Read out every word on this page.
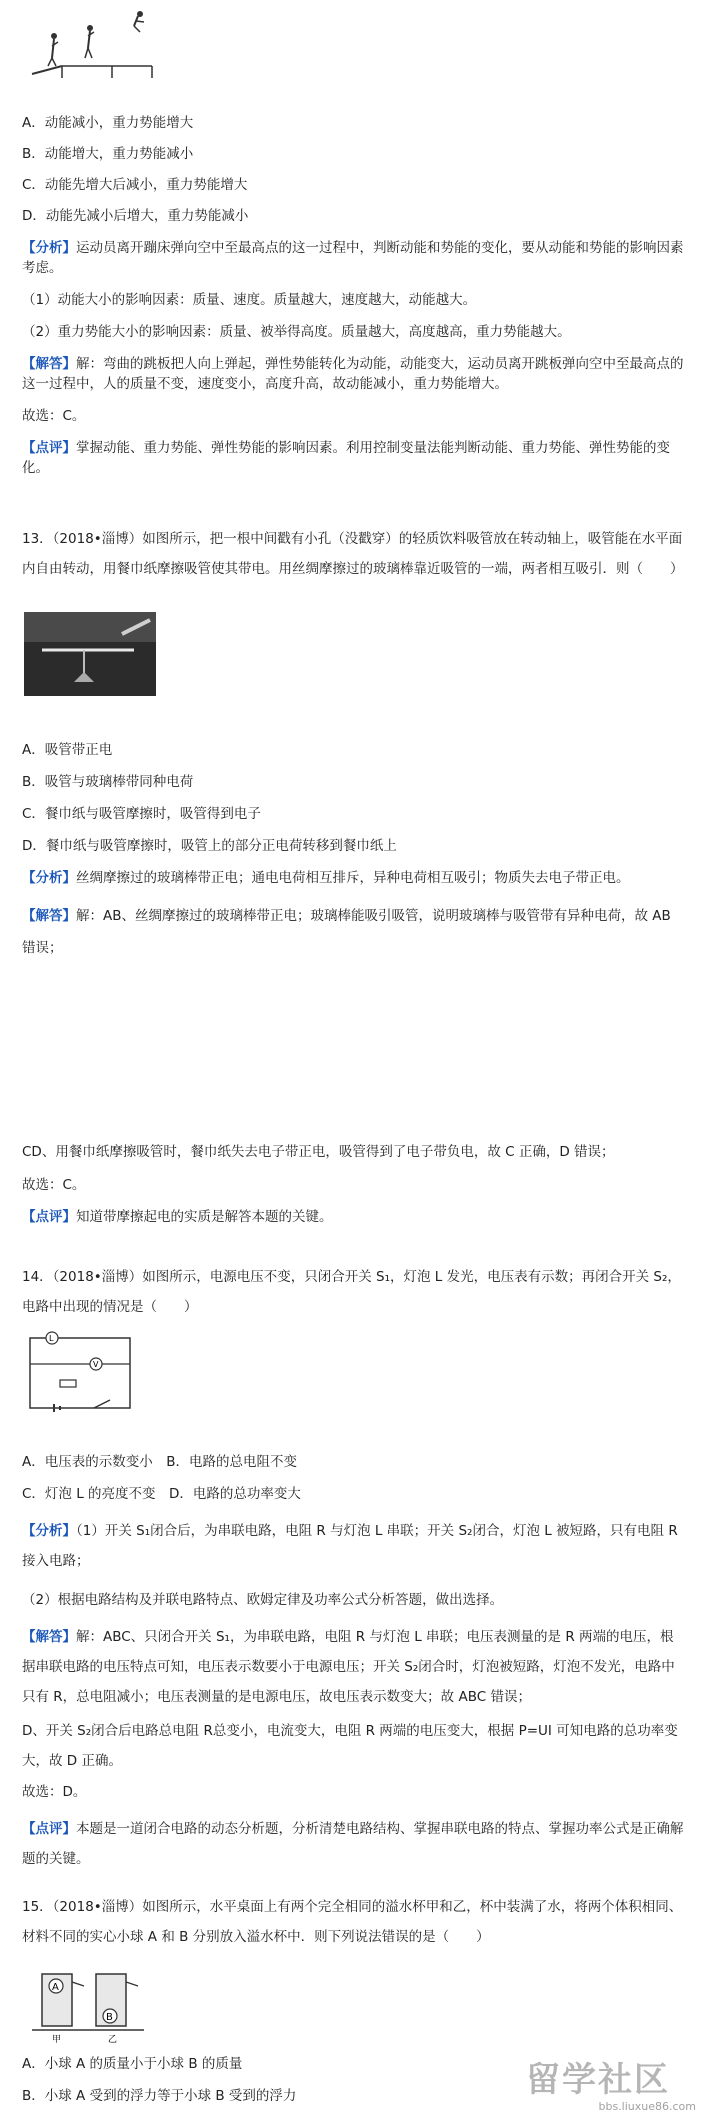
A．动能减小，重力势能增大
B．动能增大，重力势能减小
C．动能先增大后减小，重力势能增大
D．动能先减小后增大，重力势能减小
【分析】运动员离开蹦床弹向空中至最高点的这一过程中，判断动能和势能的变化，要从动能和势能的影响因素考虑。
（1）动能大小的影响因素：质量、速度。质量越大，速度越大，动能越大。
（2）重力势能大小的影响因素：质量、被举得高度。质量越大，高度越高，重力势能越大。
【解答】解：弯曲的跳板把人向上弹起，弹性势能转化为动能，动能变大，运动员离开跳板弹向空中至最高点的这一过程中，人的质量不变，速度变小，高度升高，故动能减小，重力势能增大。
故选：C。
【点评】掌握动能、重力势能、弹性势能的影响因素。利用控制变量法能判断动能、重力势能、弹性势能的变化。
13．（2018•淄博）如图所示，把一根中间戳有小孔（没戳穿）的轻质饮料吸管放在转动轴上，吸管能在水平面内自由转动，用餐巾纸摩擦吸管使其带电。用丝绸摩擦过的玻璃棒靠近吸管的一端，两者相互吸引．则（　　）
A．吸管带正电
B．吸管与玻璃棒带同种电荷
C．餐巾纸与吸管摩擦时，吸管得到电子
D．餐巾纸与吸管摩擦时，吸管上的部分正电荷转移到餐巾纸上
【分析】丝绸摩擦过的玻璃棒带正电；通电电荷相互排斥，异种电荷相互吸引；物质失去电子带正电。
【解答】解：AB、丝绸摩擦过的玻璃棒带正电；玻璃棒能吸引吸管，说明玻璃棒与吸管带有异种电荷，故 AB 错误；
CD、用餐巾纸摩擦吸管时，餐巾纸失去电子带正电，吸管得到了电子带负电，故 C 正确，D 错误；
故选：C。
【点评】知道带摩擦起电的实质是解答本题的关键。
14．（2018•淄博）如图所示，电源电压不变，只闭合开关 S₁，灯泡 L 发光，电压表有示数；再闭合开关 S₂，电路中出现的情况是（　　）
L
V
A．电压表的示数变小　B．电路的总电阻不变
C．灯泡 L 的亮度不变　D．电路的总功率变大
【分析】（1）开关 S₁闭合后，为串联电路，电阻 R 与灯泡 L 串联；开关 S₂闭合，灯泡 L 被短路，只有电阻 R 接入电路；
（2）根据电路结构及并联电路特点、欧姆定律及功率公式分析答题，做出选择。
【解答】解：ABC、只闭合开关 S₁，为串联电路，电阻 R 与灯泡 L 串联；电压表测量的是 R 两端的电压，根据串联电路的电压特点可知，电压表示数要小于电源电压；开关 S₂闭合时，灯泡被短路，灯泡不发光，电路中只有 R，总电阻减小；电压表测量的是电源电压，故电压表示数变大；故 ABC 错误；
D、开关 S₂闭合后电路总电阻 R总变小，电流变大，电阻 R 两端的电压变大，根据 P=UI 可知电路的总功率变大，故 D 正确。
故选：D。
【点评】本题是一道闭合电路的动态分析题，分析清楚电路结构、掌握串联电路的特点、掌握功率公式是正确解题的关键。
15．（2018•淄博）如图所示，水平桌面上有两个完全相同的溢水杯甲和乙，杯中装满了水，将两个体积相同、材料不同的实心小球 A 和 B 分别放入溢水杯中．则下列说法错误的是（　　）
A
B
甲	乙
A．小球 A 的质量小于小球 B 的质量
B．小球 A 受到的浮力等于小球 B 受到的浮力	留学社区
bbs.liuxue86.com
